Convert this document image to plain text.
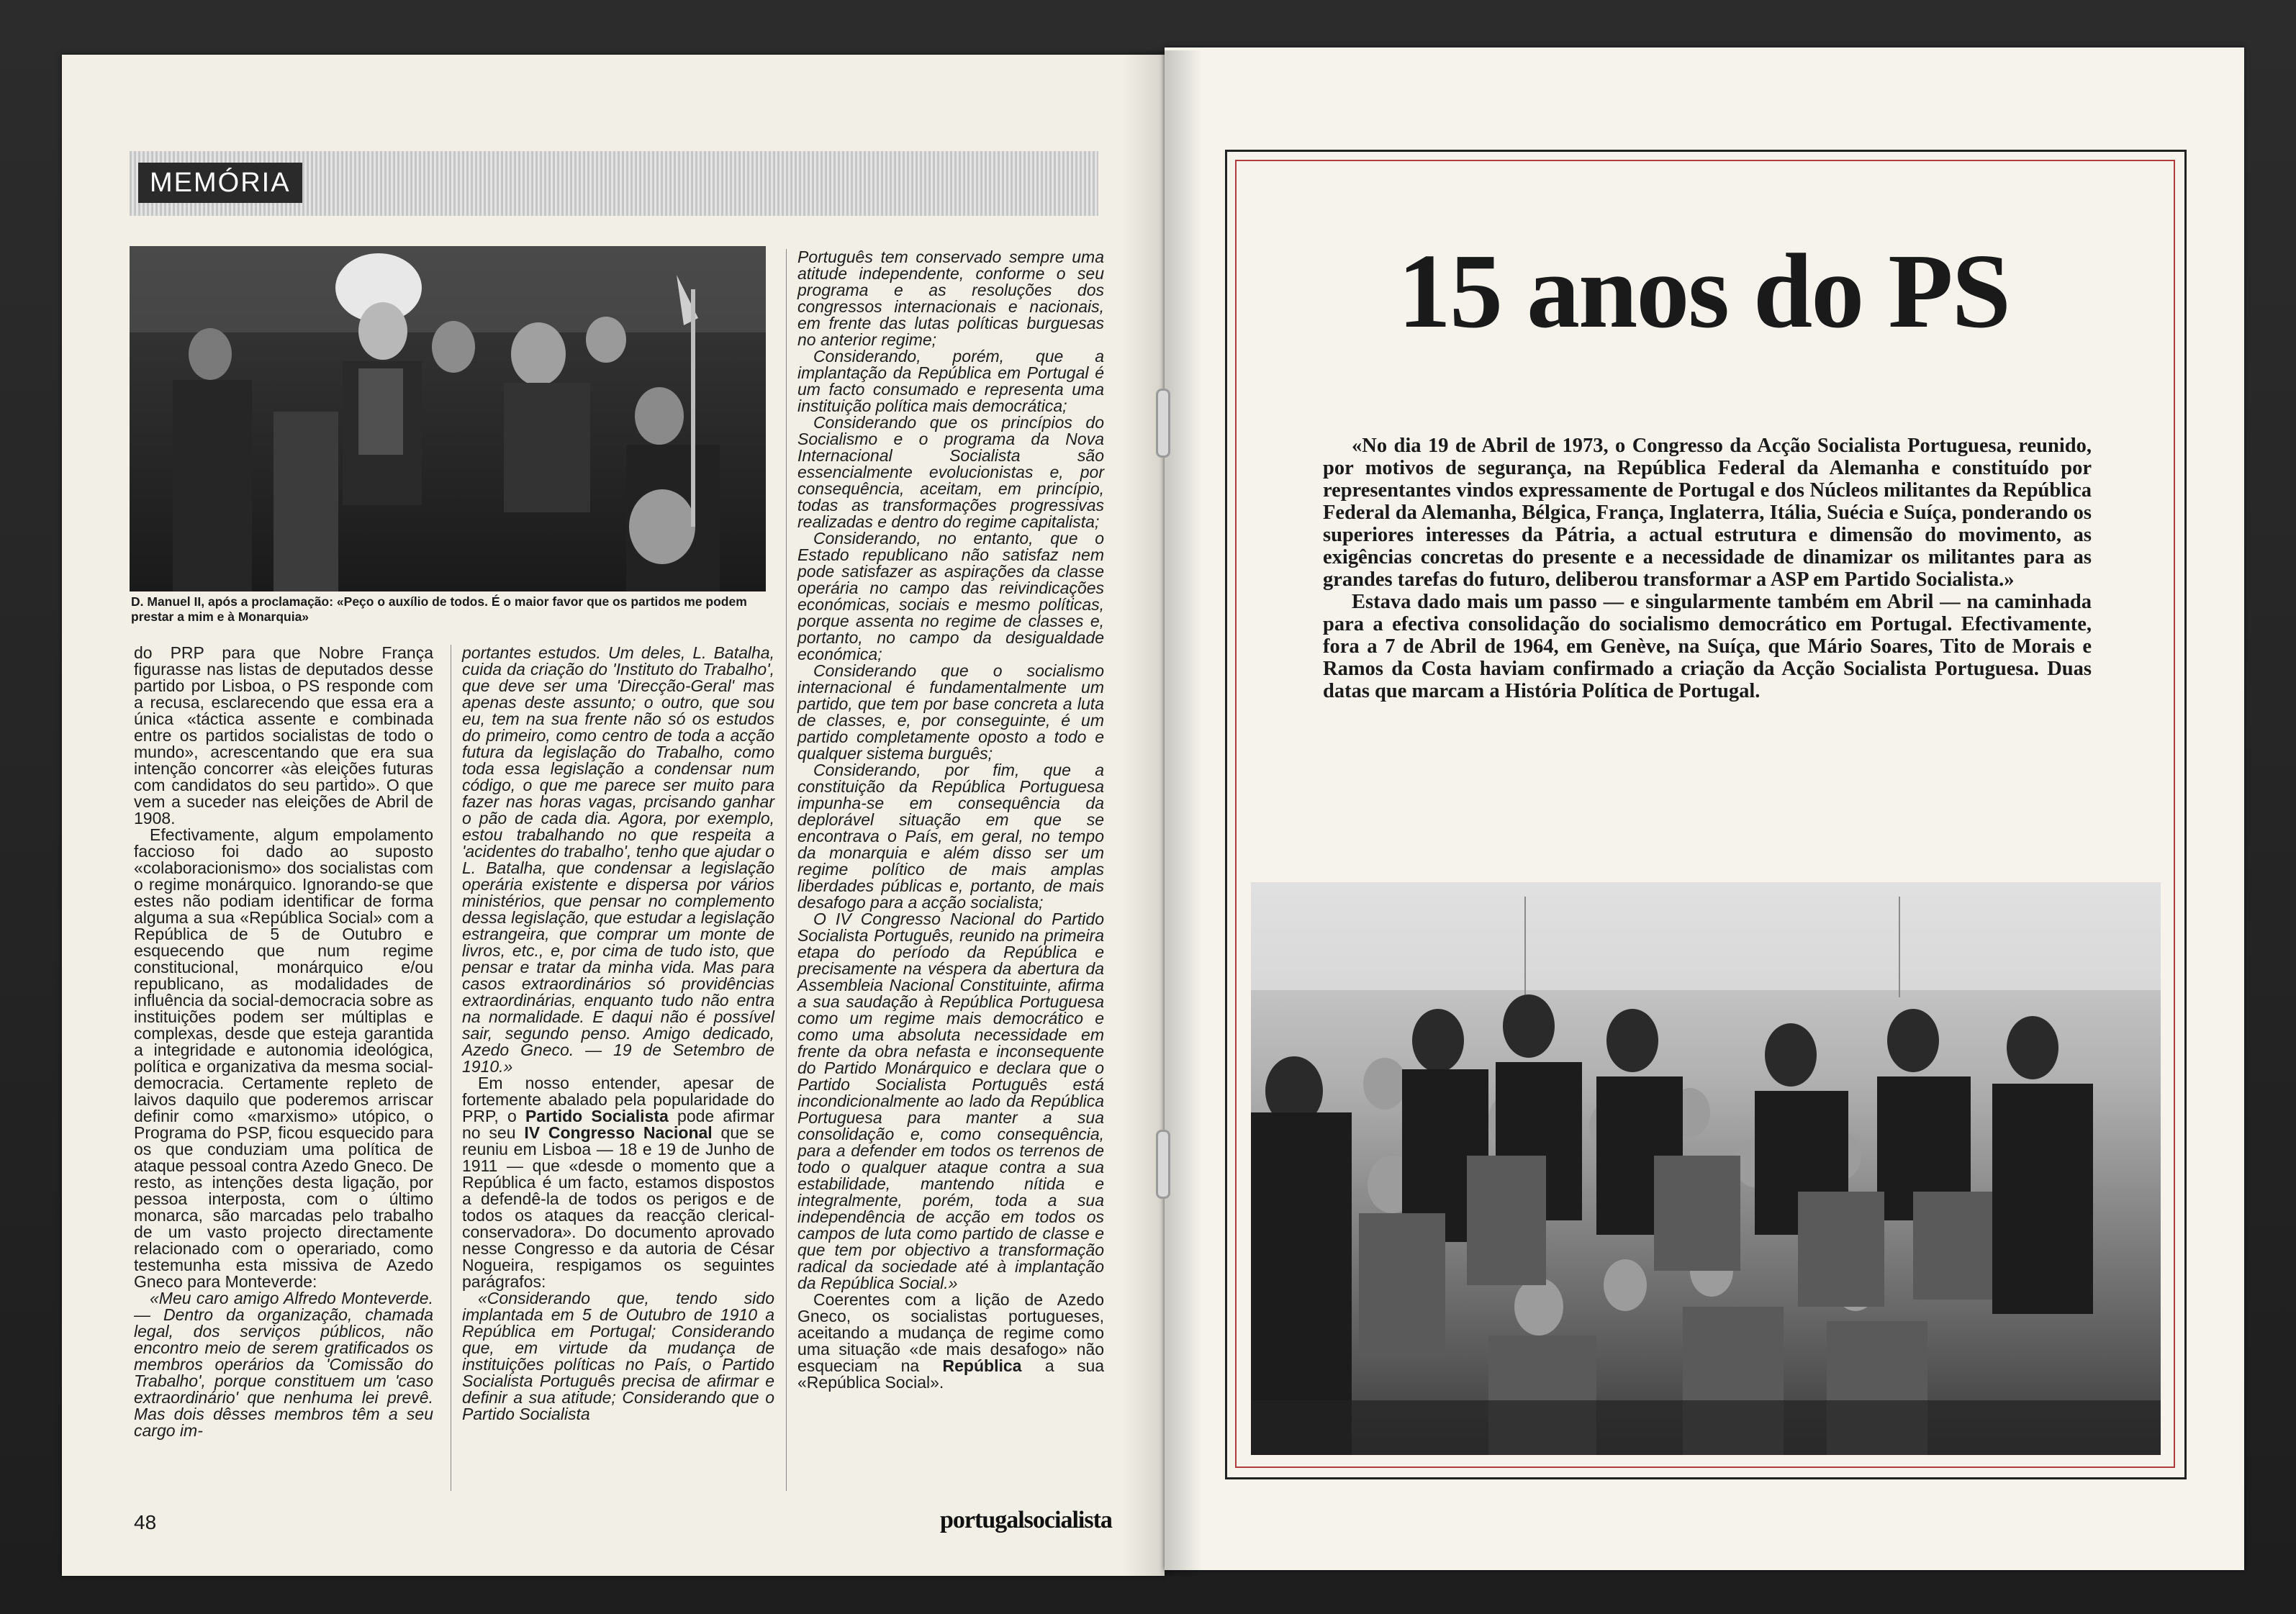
MEMÓRIA
D. Manuel II, após a proclamação: «Peço o auxílio de todos. É o maior favor que os partidos me podem prestar a mim e à Monarquia»

do PRP para que Nobre França figurasse nas listas de deputados desse partido por Lisboa, o PS responde com a recusa, esclarecendo que essa era a única «táctica assente e combinada entre os partidos socialistas de todo o mundo», acrescentando que era sua intenção concorrer «às eleições futuras com candidatos do seu partido». O que vem a suceder nas eleições de Abril de 1908.

Efectivamente, algum empolamento faccioso foi dado ao suposto «colaboracionismo» dos socialistas com o regime monárquico. Ignorando-se que estes não podiam identificar de forma alguma a sua «República Social» com a República de 5 de Outubro e esquecendo que num regime constitucional, monárquico e/ou republicano, as modalidades de influência da social-democracia sobre as instituições podem ser múltiplas e complexas, desde que esteja garantida a integridade e autonomia ideológica, política e organizativa da mesma social-democracia. Certamente repleto de laivos daquilo que poderemos arriscar definir como «marxismo» utópico, o Programa do PSP, ficou esquecido para os que conduziam uma política de ataque pessoal contra Azedo Gneco. De resto, as intenções desta ligação, por pessoa interposta, com o último monarca, são marcadas pelo trabalho de um vasto projecto directamente relacionado com o operariado, como testemunha esta missiva de Azedo Gneco para Monteverde:

«Meu caro amigo Alfredo Monteverde. — Dentro da organização, chamada legal, dos serviços públicos, não encontro meio de serem gratificados os membros operários da 'Comissão do Trabalho', porque constituem um 'caso extraordinário' que nenhuma lei prevê. Mas dois dêsses membros têm a seu cargo im-

portantes estudos. Um deles, L. Batalha, cuida da criação do 'Instituto do Trabalho', que deve ser uma 'Direcção-Geral' mas apenas deste assunto; o outro, que sou eu, tem na sua frente não só os estudos do primeiro, como centro de toda a acção futura da legislação do Trabalho, como toda essa legislação a condensar num código, o que me parece ser muito para fazer nas horas vagas, prcisando ganhar o pão de cada dia. Agora, por exemplo, estou trabalhando no que respeita a 'acidentes do trabalho', tenho que ajudar o L. Batalha, que condensar a legislação operária existente e dispersa por vários ministérios, que pensar no complemento dessa legislação, que estudar a legislação estrangeira, que comprar um monte de livros, etc., e, por cima de tudo isto, que pensar e tratar da minha vida. Mas para casos extraordinários só providências extraordinárias, enquanto tudo não entra na normalidade. E daqui não é possível sair, segundo penso. Amigo dedicado, Azedo Gneco. — 19 de Setembro de 1910.»

Em nosso entender, apesar de fortemente abalado pela popularidade do PRP, o Partido Socialista pode afirmar no seu IV Congresso Nacional que se reuniu em Lisboa — 18 e 19 de Junho de 1911 — que «desde o momento que a República é um facto, estamos dispostos a defendê-la de todos os perigos e de todos os ataques da reacção clerical-conservadora». Do documento aprovado nesse Congresso e da autoria de César Nogueira, respigamos os seguintes parágrafos:

«Considerando que, tendo sido implantada em 5 de Outubro de 1910 a República em Portugal; Considerando que, em virtude da mudança de instituições políticas no País, o Partido Socialista Português precisa de afirmar e definir a sua atitude; Considerando que o Partido Socialista

Português tem conservado sempre uma atitude independente, conforme o seu programa e as resoluções dos congressos internacionais e nacionais, em frente das lutas políticas burguesas no anterior regime;

Considerando, porém, que a implantação da República em Portugal é um facto consumado e representa uma instituição política mais democrática;

Considerando que os princípios do Socialismo e o programa da Nova Internacional Socialista são essencialmente evolucionistas e, por consequência, aceitam, em princípio, todas as transformações progressivas realizadas e dentro do regime capitalista;

Considerando, no entanto, que o Estado republicano não satisfaz nem pode satisfazer as aspirações da classe operária no campo das reivindicações económicas, sociais e mesmo políticas, porque assenta no regime de classes e, portanto, no campo da desigualdade económica;

Considerando que o socialismo internacional é fundamentalmente um partido, que tem por base concreta a luta de classes, e, por conseguinte, é um partido completamente oposto a todo e qualquer sistema burguês;

Considerando, por fim, que a constituição da República Portuguesa impunha-se em consequência da deplorável situação em que se encontrava o País, em geral, no tempo da monarquia e além disso ser um regime político de mais amplas liberdades públicas e, portanto, de mais desafogo para a acção socialista;

O IV Congresso Nacional do Partido Socialista Português, reunido na primeira etapa do período da República e precisamente na véspera da abertura da Assembleia Nacional Constituinte, afirma a sua saudação à República Portuguesa como um regime mais democrático e como uma absoluta necessidade em frente da obra nefasta e inconsequente do Partido Monárquico e declara que o Partido Socialista Português está incondicionalmente ao lado da República Portuguesa para manter a sua consolidação e, como consequência, para a defender em todos os terrenos de todo o qualquer ataque contra a sua estabilidade, mantendo nítida e integralmente, porém, toda a sua independência de acção em todos os campos de luta como partido de classe e que tem por objectivo a transformação radical da sociedade até à implantação da República Social.»

Coerentes com a lição de Azedo Gneco, os socialistas portugueses, aceitando a mudança de regime como uma situação «de mais desafogo» não esqueciam na República a sua «República Social».

48	portugalsocialista
15 anos do PS

«No dia 19 de Abril de 1973, o Congresso da Acção Socialista Portuguesa, reunido, por motivos de segurança, na República Federal da Alemanha e constituído por representantes vindos expressamente de Portugal e dos Núcleos militantes da República Federal da Alemanha, Bélgica, França, Inglaterra, Itália, Suécia e Suíça, ponderando os superiores interesses da Pátria, a actual estrutura e dimensão do movimento, as exigências concretas do presente e a necessidade de dinamizar os militantes para as grandes tarefas do futuro, deliberou transformar a ASP em Partido Socialista.»

Estava dado mais um passo — e singularmente também em Abril — na caminhada para a efectiva consolidação do socialismo democrático em Portugal. Efectivamente, fora a 7 de Abril de 1964, em Genève, na Suíça, que Mário Soares, Tito de Morais e Ramos da Costa haviam confirmado a criação da Acção Socialista Portuguesa. Duas datas que marcam a História Política de Portugal.
